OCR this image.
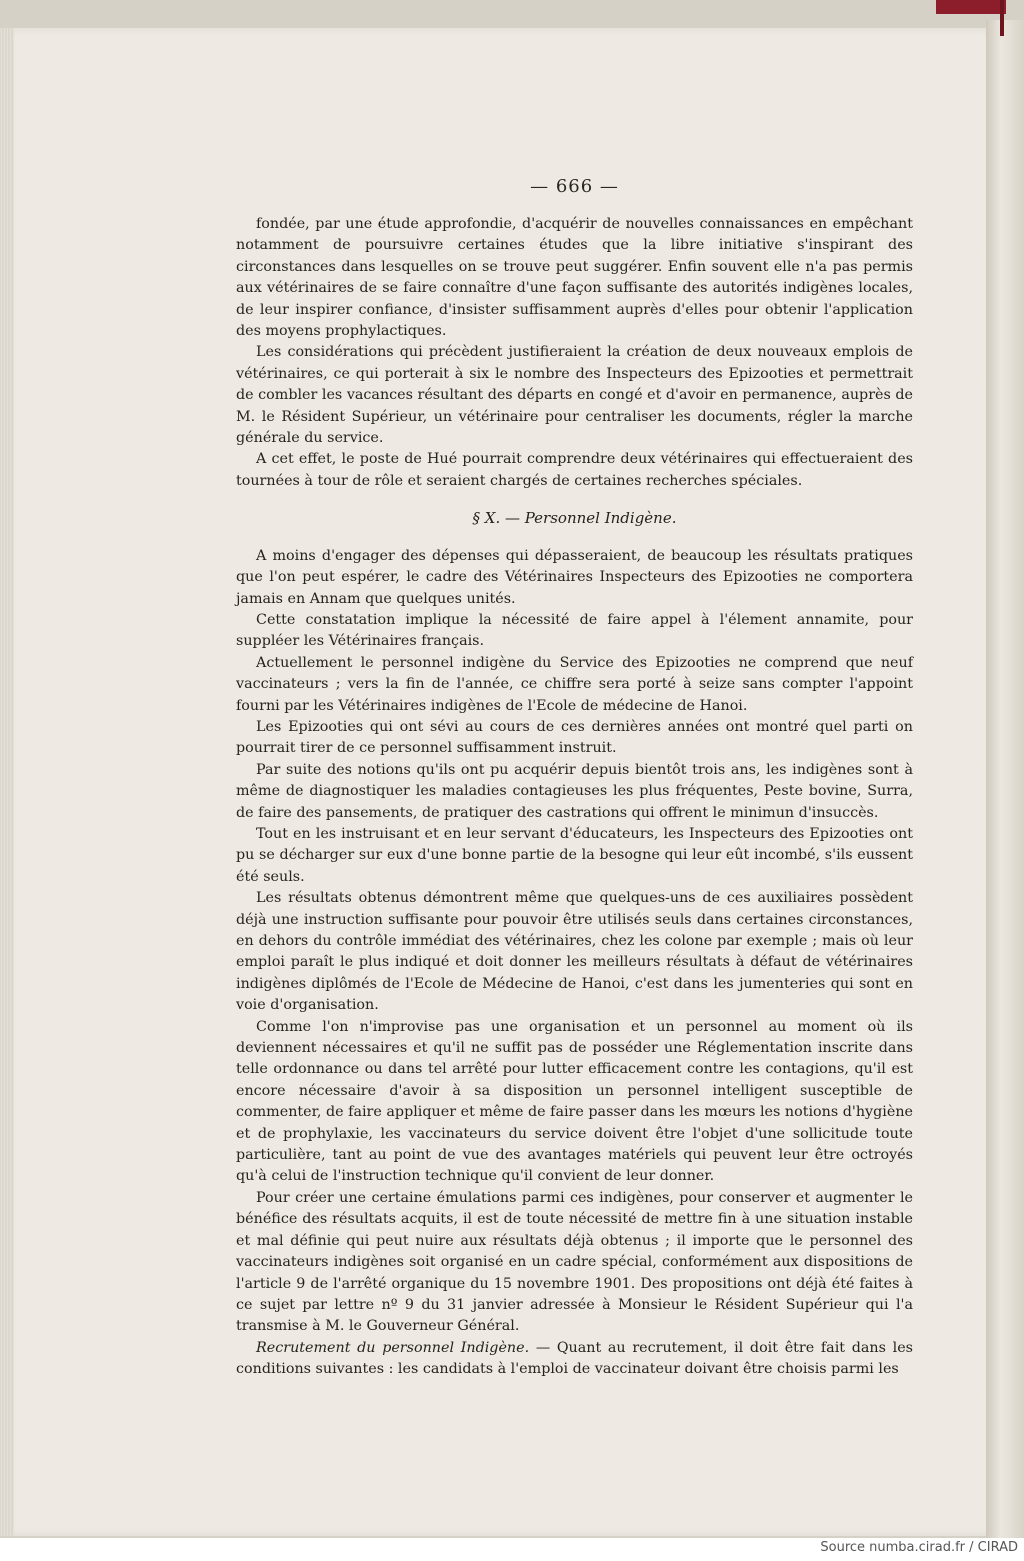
— 666 —

fondée, par une étude approfondie, d'acquérir de nouvelles connaissances en empêchant notamment de poursuivre certaines études que la libre initiative s'inspirant des circonstances dans lesquelles on se trouve peut suggérer. Enfin souvent elle n'a pas permis aux vétérinaires de se faire connaître d'une façon suffisante des autorités indigènes locales, de leur inspirer confiance, d'insister suffisamment auprès d'elles pour obtenir l'application des moyens prophylactiques.

Les considérations qui précèdent justifieraient la création de deux nouveaux emplois de vétérinaires, ce qui porterait à six le nombre des Inspecteurs des Epizooties et permettrait de combler les vacances résultant des départs en congé et d'avoir en permanence, auprès de M. le Résident Supérieur, un vétérinaire pour centraliser les documents, régler la marche générale du service.

A cet effet, le poste de Hué pourrait comprendre deux vétérinaires qui effectueraient des tournées à tour de rôle et seraient chargés de certaines recherches spéciales.

§ X. — Personnel Indigène.

A moins d'engager des dépenses qui dépasseraient, de beaucoup les résultats pratiques que l'on peut espérer, le cadre des Vétérinaires Inspecteurs des Epizooties ne comportera jamais en Annam que quelques unités.

Cette constatation implique la nécessité de faire appel à l'élement annamite, pour suppléer les Vétérinaires français.

Actuellement le personnel indigène du Service des Epizooties ne comprend que neuf vaccinateurs ; vers la fin de l'année, ce chiffre sera porté à seize sans compter l'appoint fourni par les Vétérinaires indigènes de l'Ecole de médecine de Hanoi.

Les Epizooties qui ont sévi au cours de ces dernières années ont montré quel parti on pourrait tirer de ce personnel suffisamment instruit.

Par suite des notions qu'ils ont pu acquérir depuis bientôt trois ans, les indigènes sont à même de diagnostiquer les maladies contagieuses les plus fréquentes, Peste bovine, Surra, de faire des pansements, de pratiquer des castrations qui offrent le minimun d'insuccès.

Tout en les instruisant et en leur servant d'éducateurs, les Inspecteurs des Epizooties ont pu se décharger sur eux d'une bonne partie de la besogne qui leur eût incombé, s'ils eussent été seuls.

Les résultats obtenus démontrent même que quelques-uns de ces auxiliaires possèdent déjà une instruction suffisante pour pouvoir être utilisés seuls dans certaines circonstances, en dehors du contrôle immédiat des vétérinaires, chez les colone par exemple ; mais où leur emploi paraît le plus indiqué et doit donner les meilleurs résultats à défaut de vétérinaires indigènes diplômés de l'Ecole de Médecine de Hanoi, c'est dans les jumenteries qui sont en voie d'organisation.

Comme l'on n'improvise pas une organisation et un personnel au moment où ils deviennent nécessaires et qu'il ne suffit pas de posséder une Réglementation inscrite dans telle ordonnance ou dans tel arrêté pour lutter efficacement contre les contagions, qu'il est encore nécessaire d'avoir à sa disposition un personnel intelligent susceptible de commenter, de faire appliquer et même de faire passer dans les mœurs les notions d'hygiène et de prophylaxie, les vaccinateurs du service doivent être l'objet d'une sollicitude toute particulière, tant au point de vue des avantages matériels qui peuvent leur être octroyés qu'à celui de l'instruction technique qu'il convient de leur donner.

Pour créer une certaine émulations parmi ces indigènes, pour conserver et augmenter le bénéfice des résultats acquits, il est de toute nécessité de mettre fin à une situation instable et mal définie qui peut nuire aux résultats déjà obtenus ; il importe que le personnel des vaccinateurs indigènes soit organisé en un cadre spécial, conformément aux dispositions de l'article 9 de l'arrêté organique du 15 novembre 1901. Des propositions ont déjà été faites à ce sujet par lettre nº 9 du 31 janvier adressée à Monsieur le Résident Supérieur qui l'a transmise à M. le Gouverneur Général.

Recrutement du personnel Indigène. — Quant au recrutement, il doit être fait dans les conditions suivantes : les candidats à l'emploi de vaccinateur doivant être choisis parmi les

Source numba.cirad.fr / CIRAD
